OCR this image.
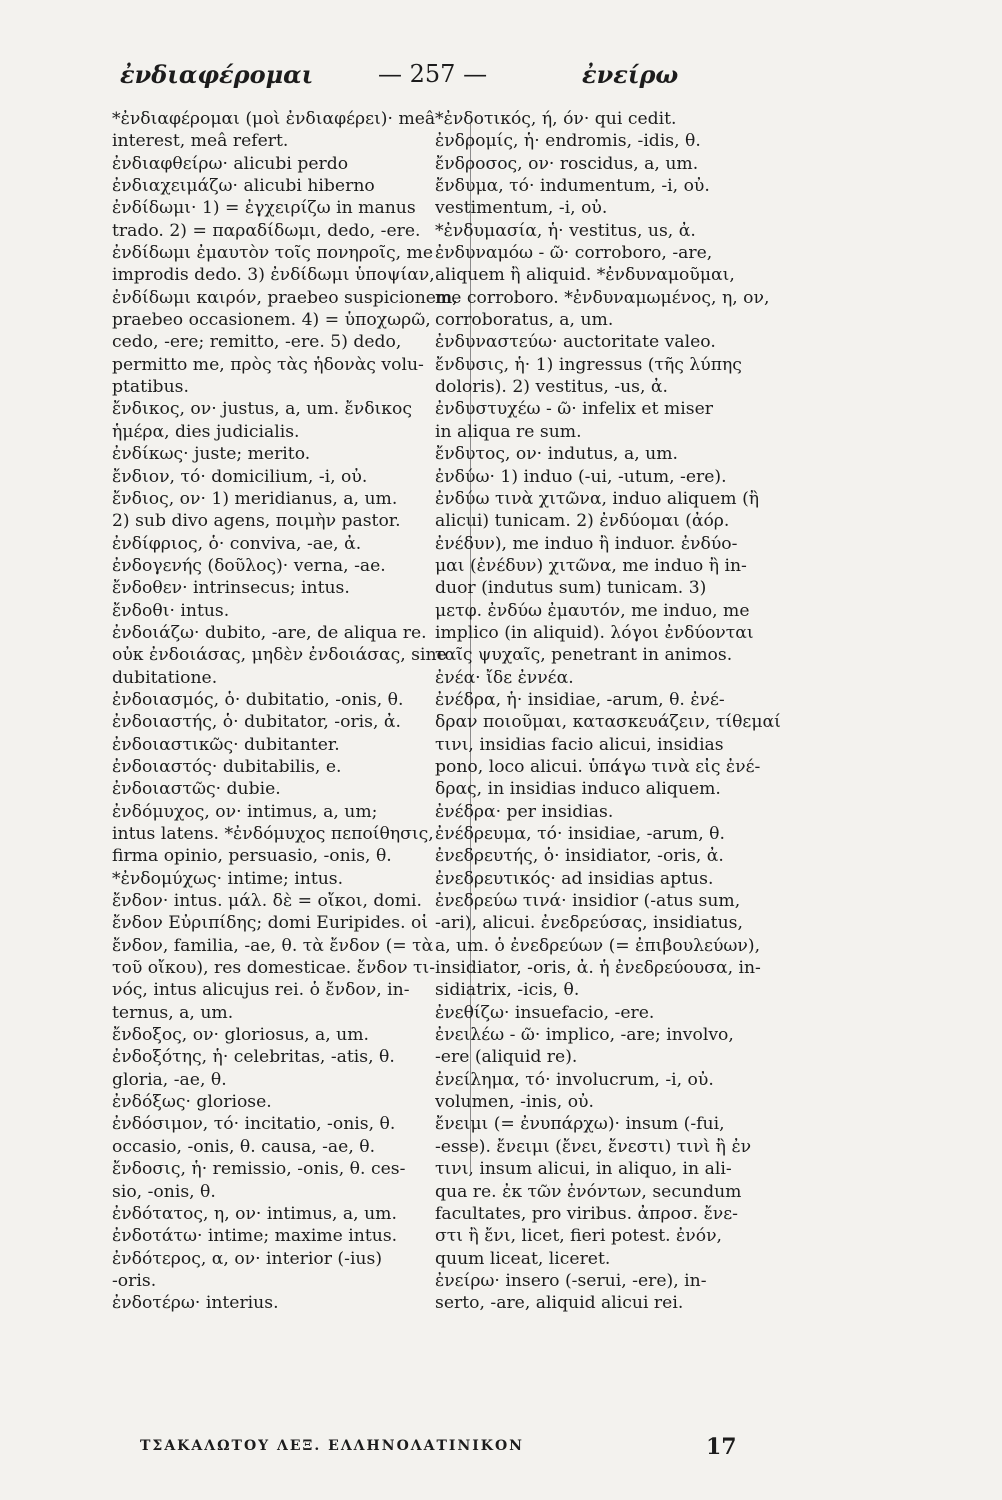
ἐνδιαφέρομαι	— 257 —	ἐνείρω
*ἐνδιαφέρομαι (μοὶ ἐνδιαφέρει)· meâ
interest, meâ refert.
ἐνδιαφθείρω· alicubi perdo
ἐνδιαχειμάζω· alicubi hiberno
ἐνδίδωμι· 1) = ἐγχειρίζω in manus
trado. 2) = παραδίδωμι, dedo, -ere.
ἐνδίδωμι ἐμαυτὸν τοῖς πονηροῖς, me
improdis dedo. 3) ἐνδίδωμι ὑποψίαν,
ἐνδίδωμι καιρόν, praebeo suspicionem,
praebeo occasionem. 4) = ὑποχωρῶ,
cedo, -ere; remitto, -ere. 5) dedo,
permitto me, πρὸς τὰς ἡδονὰς volu-
ptatibus.
ἔνδικος, ον· justus, a, um. ἔνδικος
ἡμέρα, dies judicialis.
ἐνδίκως· juste; merito.
ἔνδιον, τό· domicilium, -i, οὐ.
ἔνδιος, ον· 1) meridianus, a, um.
2) sub divo agens, ποιμὴν pastor.
ἐνδίφριος, ὁ· conviva, -ae, ἀ.
ἐνδογενής (δοῦλος)· verna, -ae.
ἔνδοθεν· intrinsecus; intus.
ἔνδοθι· intus.
ἐνδοιάζω· dubito, -are, de aliqua re.
οὐκ ἐνδοιάσας, μηδὲν ἐνδοιάσας, sine
dubitatione.
ἐνδοιασμός, ὁ· dubitatio, -onis, θ.
ἐνδοιαστής, ὁ· dubitator, -oris, ἀ.
ἐνδοιαστικῶς· dubitanter.
ἐνδοιαστός· dubitabilis, e.
ἐνδοιαστῶς· dubie.
ἐνδόμυχος, ον· intimus, a, um;
intus latens. *ἐνδόμυχος πεποίθησις,
firma opinio, persuasio, -onis, θ.
*ἐνδομύχως· intime; intus.
ἔνδον· intus. μάλ. δὲ = οἴκοι, domi.
ἔνδον Εὐριπίδης; domi Euripides. οἱ
ἔνδον, familia, -ae, θ. τὰ ἔνδον (= τὰ
τοῦ οἴκου), res domesticae. ἔνδον τι-
νός, intus alicujus rei. ὁ ἔνδον, in-
ternus, a, um.
ἔνδοξος, ον· gloriosus, a, um.
ἐνδοξότης, ἡ· celebritas, -atis, θ.
gloria, -ae, θ.
ἐνδόξως· gloriose.
ἐνδόσιμον, τό· incitatio, -onis, θ.
occasio, -onis, θ. causa, -ae, θ.
ἔνδοσις, ἡ· remissio, -onis, θ. ces-
sio, -onis, θ.
ἐνδότατος, η, ον· intimus, a, um.
ἐνδοτάτω· intime; maxime intus.
ἐνδότερος, α, ον· interior (-ius)
-oris.
ἐνδοτέρω· interius.
*ἐνδοτικός, ή, όν· qui cedit.
ἐνδρομίς, ἡ· endromis, -idis, θ.
ἔνδροσος, ον· roscidus, a, um.
ἔνδυμα, τό· indumentum, -i, οὐ.
vestimentum, -i, οὐ.
*ἐνδυμασία, ἡ· vestitus, us, ἀ.
ἐνδυναμόω - ῶ· corroboro, -are,
aliquem ἢ aliquid. *ἐνδυναμοῦμαι,
me corroboro. *ἐνδυναμωμένος, η, ον,
corroboratus, a, um.
ἐνδυναστεύω· auctoritate valeo.
ἔνδυσις, ἡ· 1) ingressus (τῆς λύπης
doloris). 2) vestitus, -us, ἀ.
ἐνδυστυχέω - ῶ· infelix et miser
in aliqua re sum.
ἔνδυτος, ον· indutus, a, um.
ἐνδύω· 1) induo (-ui, -utum, -ere).
ἐνδύω τινὰ χιτῶνα, induo aliquem (ἢ
alicui) tunicam. 2) ἐνδύομαι (ἀόρ.
ἐνέδυν), me induo ἢ induor. ἐνδύο-
μαι (ἐνέδυν) χιτῶνα, me induo ἢ in-
duor (indutus sum) tunicam. 3)
μετφ. ἐνδύω ἐμαυτόν, me induo, me
implico (in aliquid). λόγοι ἐνδύονται
ταῖς ψυχαῖς, penetrant in animos.
ἐνέα· ἴδε ἐννέα.
ἐνέδρα, ἡ· insidiae, -arum, θ. ἐνέ-
δραν ποιοῦμαι, κατασκευάζειν, τίθεμαί
τινι, insidias facio alicui, insidias
pono, loco alicui. ὑπάγω τινὰ εἰς ἐνέ-
δρας, in insidias induco aliquem.
ἐνέδρα· per insidias.
ἐνέδρευμα, τό· insidiae, -arum, θ.
ἐνεδρευτής, ὁ· insidiator, -oris, ἀ.
ἐνεδρευτικός· ad insidias aptus.
ἐνεδρεύω τινά· insidior (-atus sum,
-ari), alicui. ἐνεδρεύσας, insidiatus,
a, um. ὁ ἐνεδρεύων (= ἐπιβουλεύων),
insidiator, -oris, ἀ. ἡ ἐνεδρεύουσα, in-
sidiatrix, -icis, θ.
ἐνεθίζω· insuefacio, -ere.
ἐνειλέω - ῶ· implico, -are; involvo,
-ere (aliquid re).
ἐνείλημα, τό· involucrum, -i, οὐ.
volumen, -inis, οὐ.
ἔνειμι (= ἐνυπάρχω)· insum (-fui,
-esse). ἔνειμι (ἔνει, ἔνεστι) τινὶ ἢ ἐν
τινι, insum alicui, in aliquo, in ali-
qua re. ἐκ τῶν ἐνόντων, secundum
facultates, pro viribus. ἀπροσ. ἔνε-
στι ἢ ἔνι, licet, fieri potest. ἐνόν,
quum liceat, liceret.
ἐνείρω· insero (-serui, -ere), in-
serto, -are, aliquid alicui rei.
ΤΣΑΚΑΛΩΤΟΥ ΛΕΞ. ΕΛΛΗΝΟΛΑΤΙΝΙΚΟΝ	17
